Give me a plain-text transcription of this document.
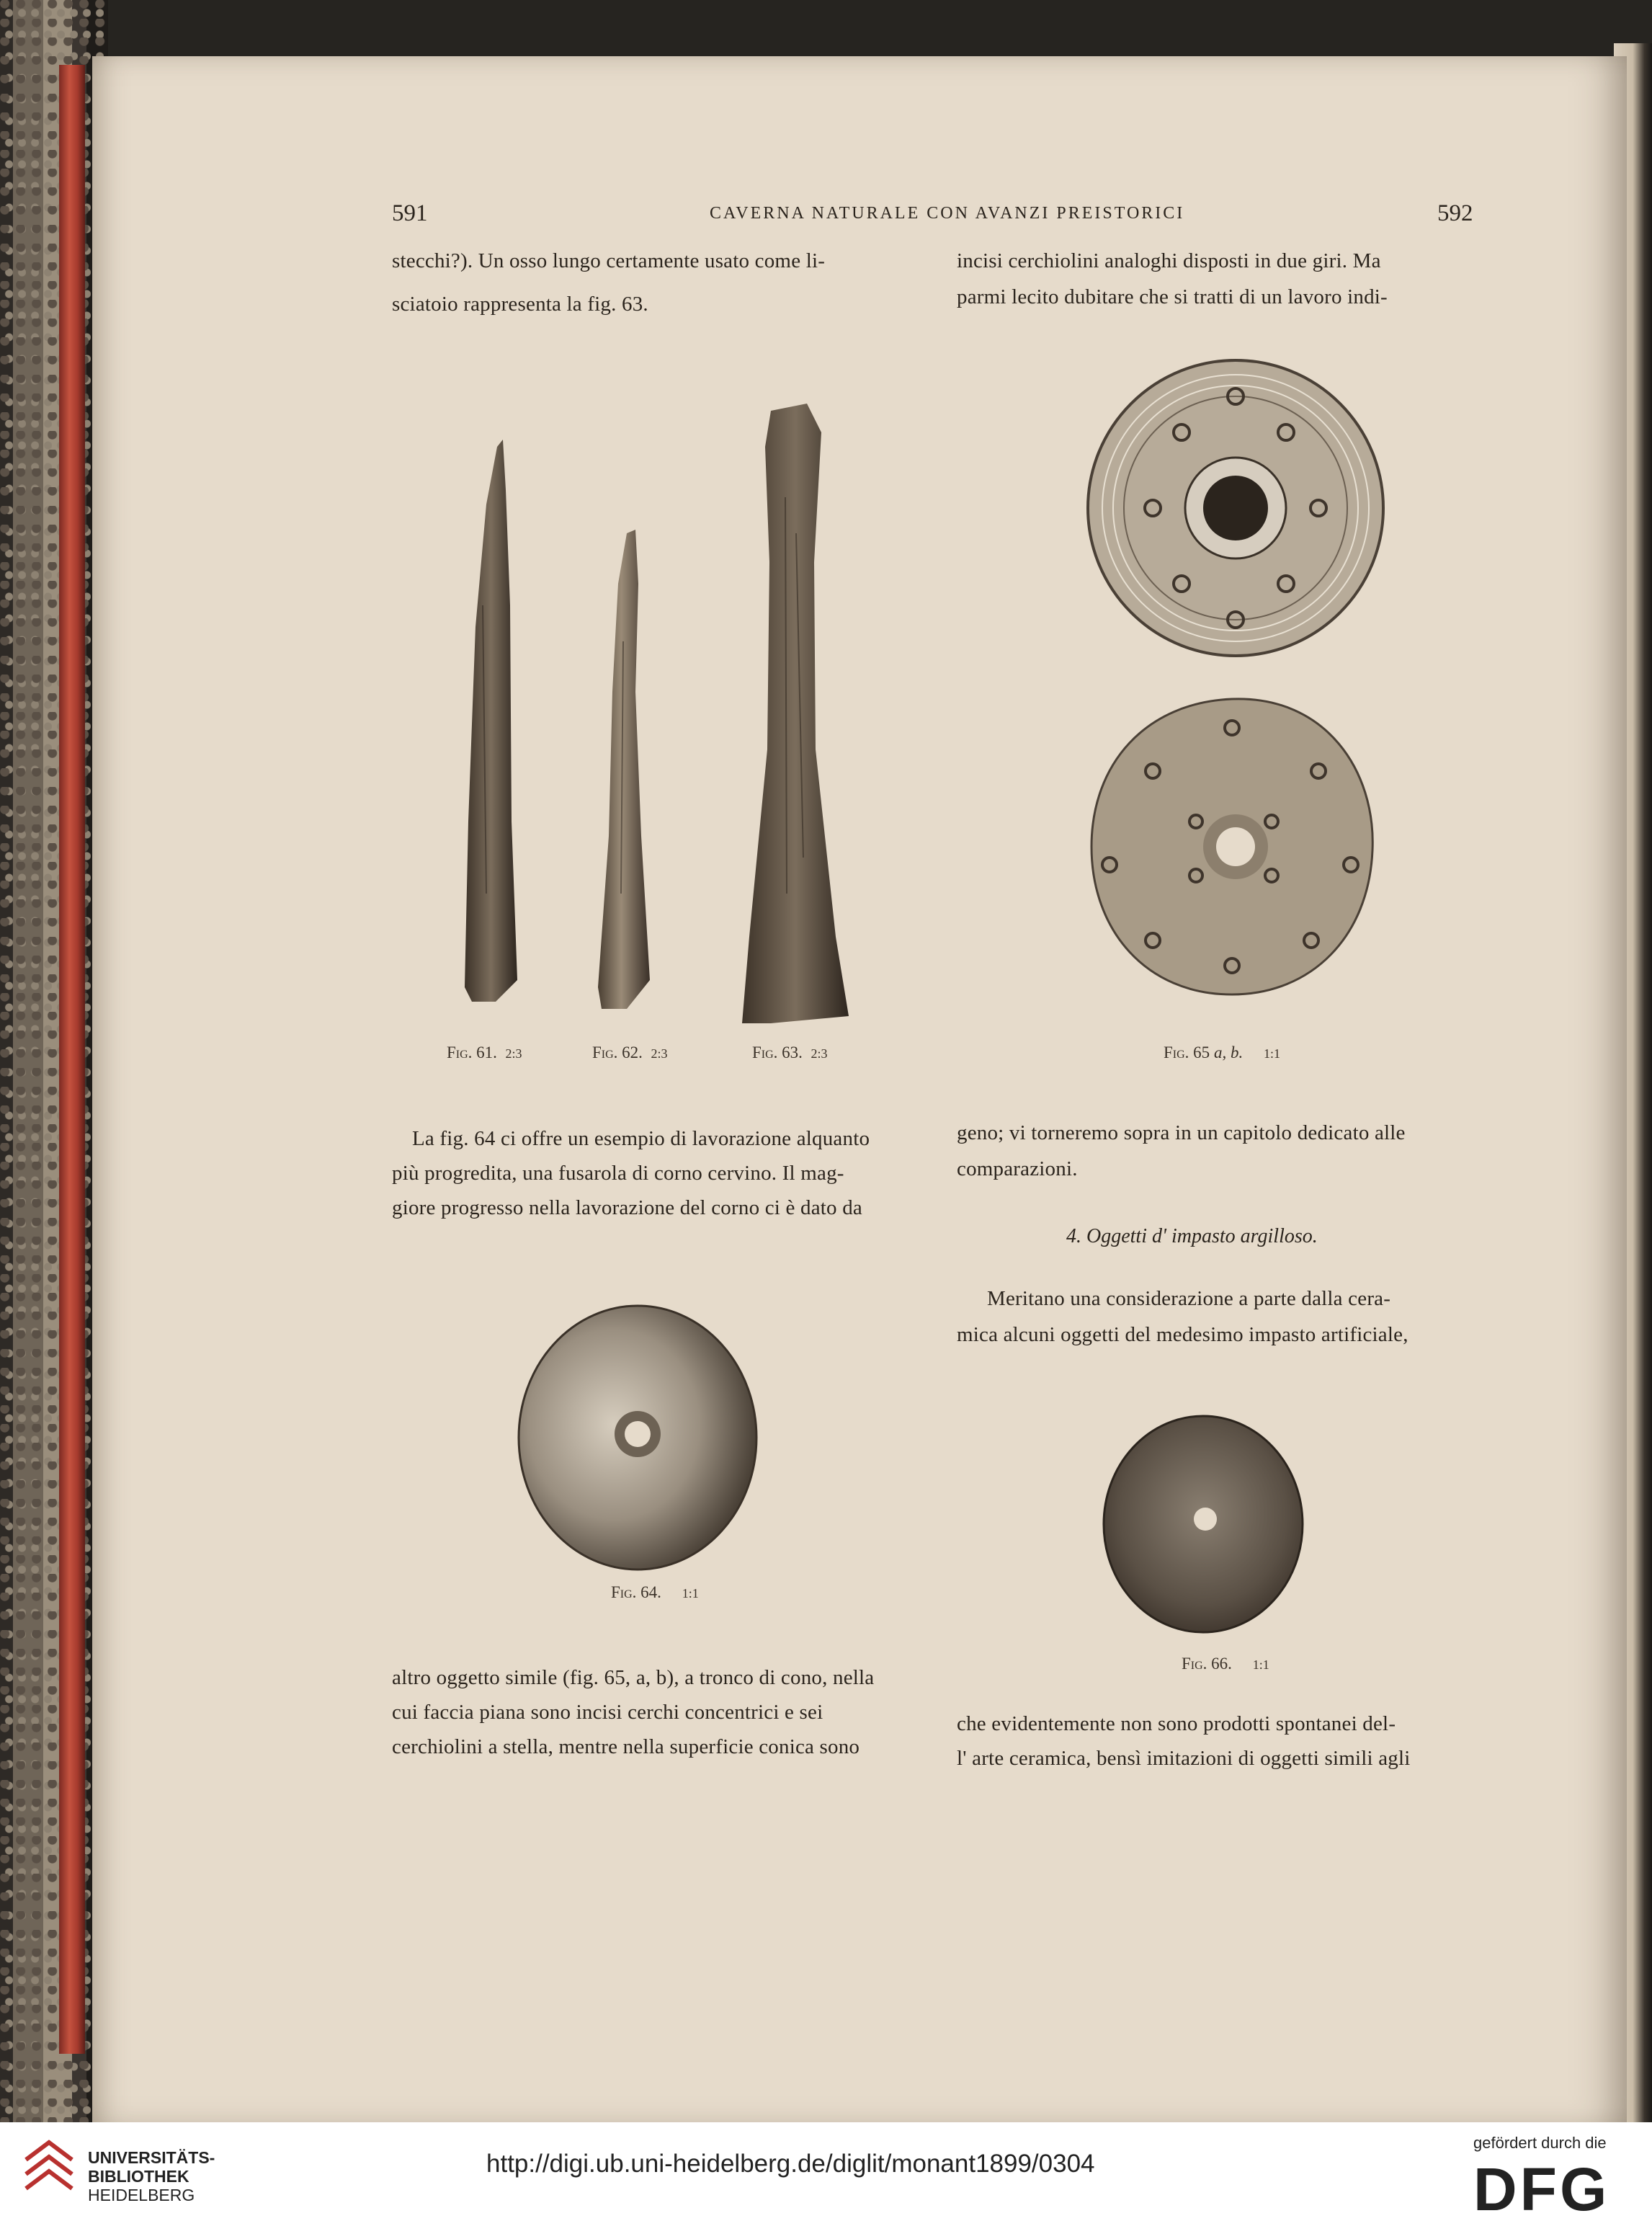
591	CAVERNA NATURALE CON AVANZI PREISTORICI	592
stecchi?). Un osso lungo certamente usato come li-
sciatoio rappresenta la fig. 63.
incisi cerchiolini analoghi disposti in due giri. Ma
parmi lecito dubitare che si tratti di un lavoro indi-
Fig. 61. 2:3	Fig. 62. 2:3	Fig. 63. 2:3	Fig. 65 a, b. 1:1
La fig. 64 ci offre un esempio di lavorazione alquanto
più progredita, una fusarola di corno cervino. Il mag-
giore progresso nella lavorazione del corno ci è dato da
geno; vi torneremo sopra in un capitolo dedicato alle
comparazioni.
4. Oggetti d' impasto argilloso.
Meritano una considerazione a parte dalla cera-
mica alcuni oggetti del medesimo impasto artificiale,
Fig. 64. 1:1
Fig. 66. 1:1
altro oggetto simile (fig. 65, a, b), a tronco di cono, nella
cui faccia piana sono incisi cerchi concentrici e sei
cerchiolini a stella, mentre nella superficie conica sono
che evidentemente non sono prodotti spontanei del-
l' arte ceramica, bensì imitazioni di oggetti simili agli
UNIVERSITÄTS-
BIBLIOTHEK
HEIDELBERG
http://digi.ub.uni-heidelberg.de/diglit/monant1899/0304
gefördert durch die
DFG
